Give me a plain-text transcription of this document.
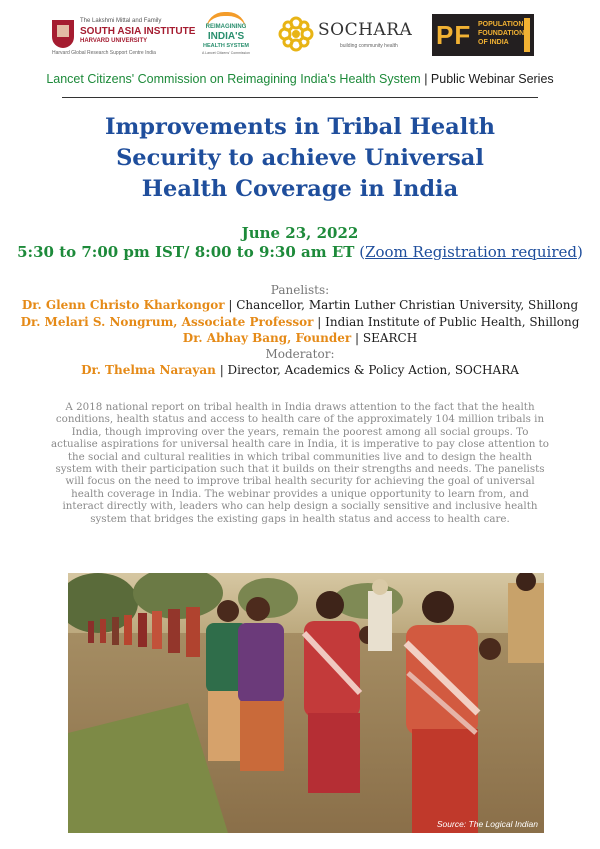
The Lakshmi Mittal and Family
SOUTH ASIA INSTITUTE
HARVARD UNIVERSITY
Harvard Global Research Support Centre India
REIMAGINING
INDIA'S
HEALTH SYSTEM
A Lancet Citizens' Commission
SOCHARA
building community health PF POPULATION FOUNDATION OF INDIA
Lancet Citizens' Commission on Reimagining India's Health System | Public Webinar Series
Improvements in Tribal Health
Security to achieve Universal
Health Coverage in India
June 23, 2022
5:30 to 7:00 pm IST/ 8:00 to 9:30 am ET (Zoom Registration required)
Panelists:
Dr. Glenn Christo Kharkongor | Chancellor, Martin Luther Christian University, Shillong
Dr. Melari S. Nongrum, Associate Professor | Indian Institute of Public Health, Shillong
Dr. Abhay Bang, Founder | SEARCH
Moderator:
Dr. Thelma Narayan | Director, Academics & Policy Action, SOCHARA
A 2018 national report on tribal health in India draws attention to the fact that the health
conditions, health status and access to health care of the approximately 104 million tribals in
India, though improving over the years, remain the poorest among all social groups. To
actualise aspirations for universal health care in India, it is imperative to pay close attention to
the social and cultural realities in which tribal communities live and to design the health
system with their participation such that it builds on their strengths and needs. The panelists
will focus on the need to improve tribal health security for achieving the goal of universal
health coverage in India. The webinar provides a unique opportunity to learn from, and
interact directly with, leaders who can help design a socially sensitive and inclusive health
system that bridges the existing gaps in health status and access to health care.
Source: The Logical Indian
